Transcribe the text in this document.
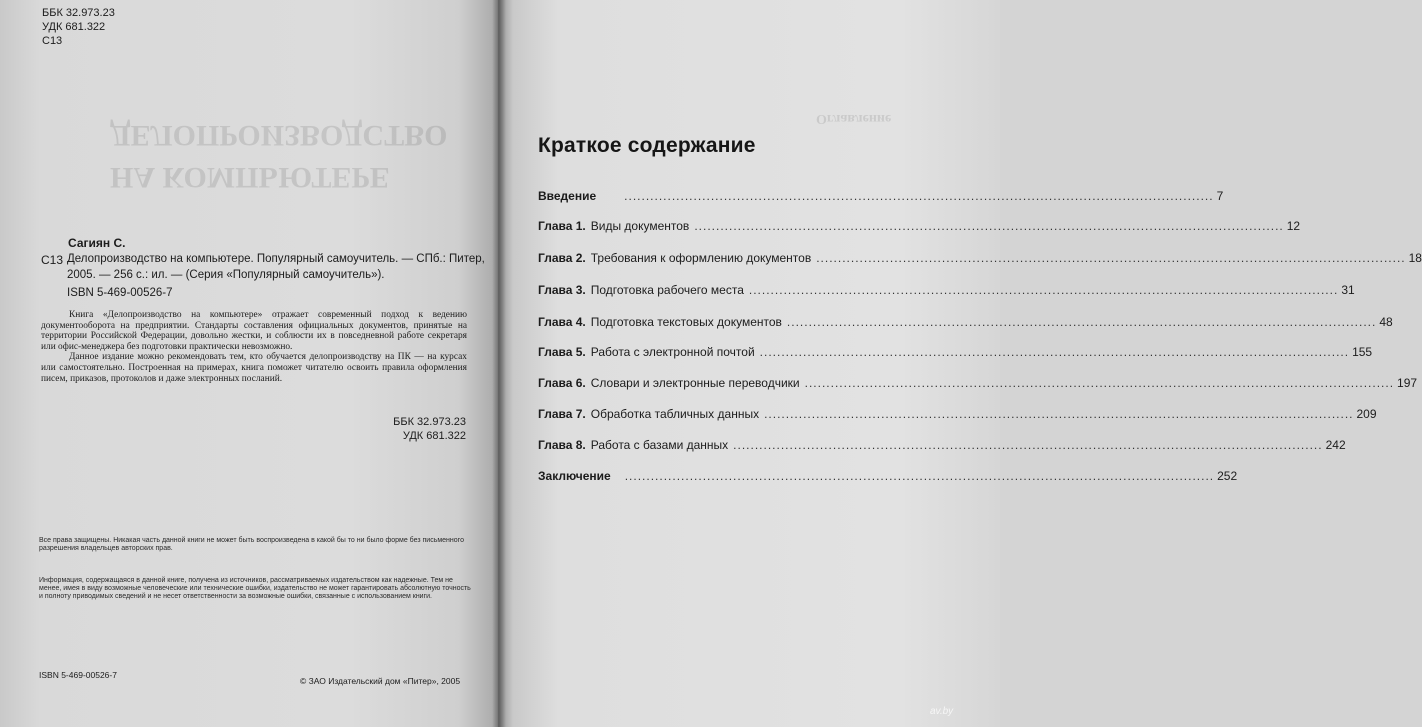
ББК 32.973.23
УДК 681.322
С13
ДЕЛОПРОИЗВОДСТВО
НА КОМПЬЮТЕРЕ
Сагиян С.
С13 Делопроизводство на компьютере. Популярный самоучитель. — СПб.: Питер,
2005. — 256 с.: ил. — (Серия «Популярный самоучитель»).
ISBN 5-469-00526-7

Книга «Делопроизводство на компьютере» отражает современный подход к ведению документооборота на предприятии. Стандарты составления официальных документов, принятые на территории Российской Федерации, довольно жестки, и соблюсти их в повседневной работе секретаря или офис-менеджера без подготовки практически невозможно.

Данное издание можно рекомендовать тем, кто обучается делопроизводству на ПК — на курсах или самостоятельно. Построенная на примерах, книга поможет читателю освоить правила оформления писем, приказов, протоколов и даже электронных посланий.

ББК 32.973.23
УДК 681.322
Все права защищены. Никакая часть данной книги не может быть воспроизведена в какой бы то ни было форме без письменного разрешения владельцев авторских прав.
Информация, содержащаяся в данной книге, получена из источников, рассматриваемых издательством как надежные. Тем не менее, имея в виду возможные человеческие или технические ошибки, издательство не может гарантировать абсолютную точность и полноту приводимых сведений и не несет ответственности за возможные ошибки, связанные с использованием книги.
ISBN 5-469-00526-7
© ЗАО Издательский дом «Питер», 2005
Оглавление
Краткое содержание
Введение ........................................................................................................................................ 7
Глава 1. Виды документов ........................................................................................................................................ 12
Глава 2. Требования к оформлению документов ........................................................................................................................................ 18
Глава 3. Подготовка рабочего места ........................................................................................................................................ 31
Глава 4. Подготовка текстовых документов ........................................................................................................................................ 48
Глава 5. Работа с электронной почтой ........................................................................................................................................ 155
Глава 6. Словари и электронные переводчики ........................................................................................................................................ 197
Глава 7. Обработка табличных данных ........................................................................................................................................ 209
Глава 8. Работа с базами данных ........................................................................................................................................ 242
Заключение ........................................................................................................................................ 252
av.by
